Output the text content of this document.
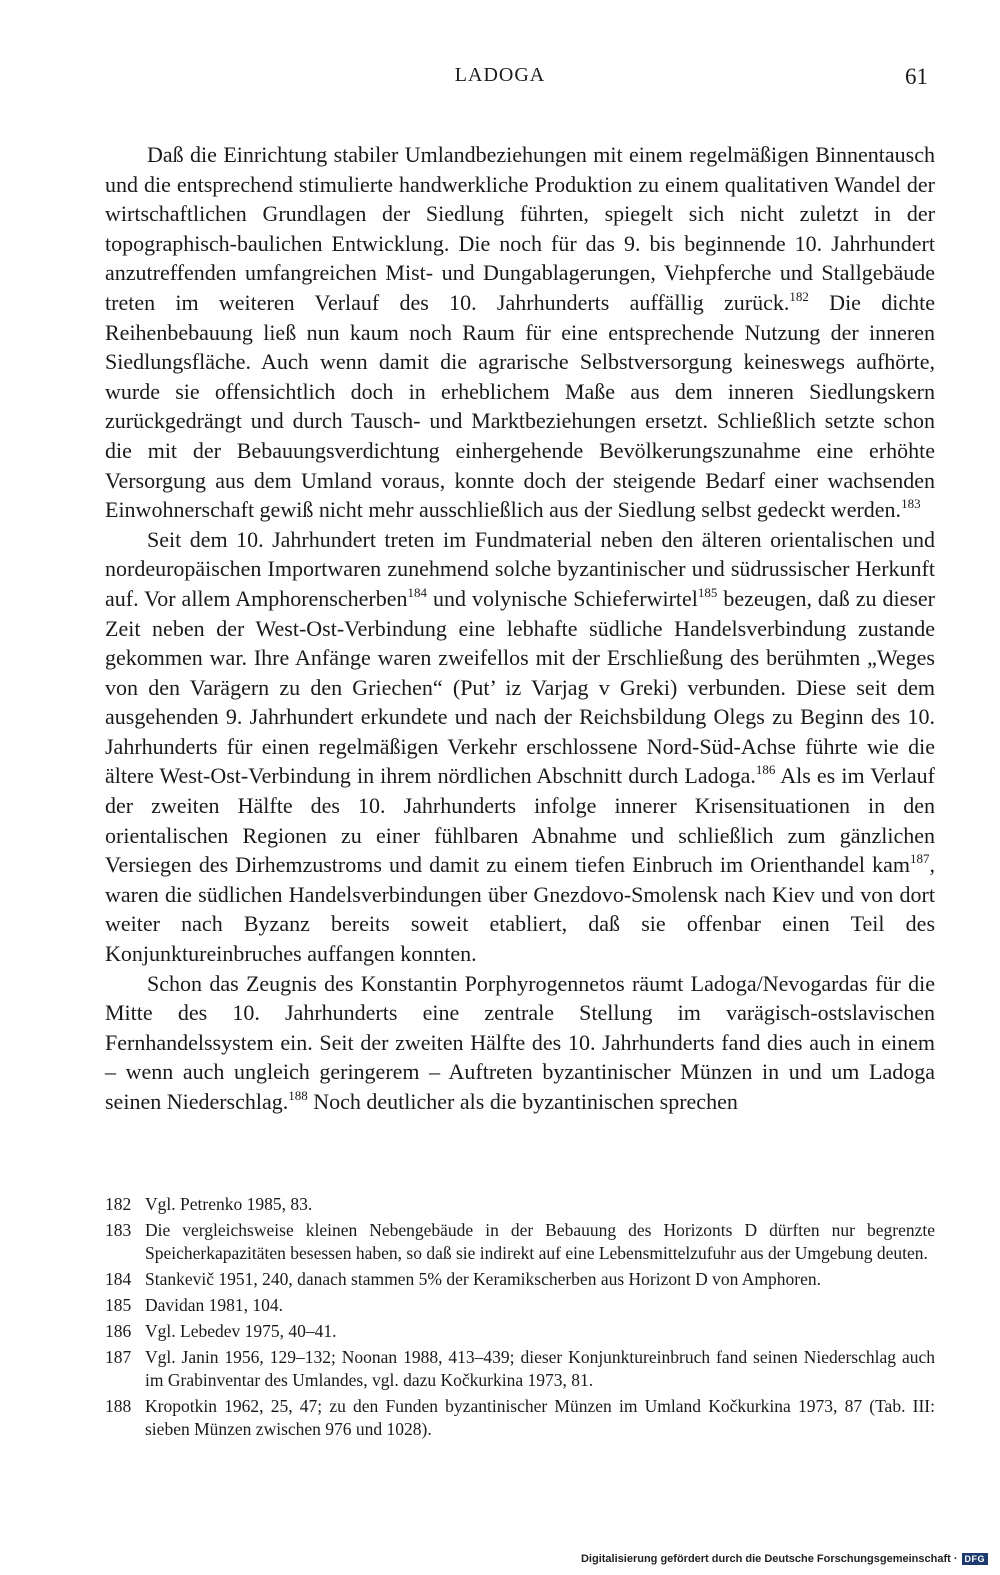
LADOGA	61

Daß die Einrichtung stabiler Umlandbeziehungen mit einem regelmäßigen Binnentausch und die entsprechend stimulierte handwerkliche Produktion zu einem qualitativen Wandel der wirtschaftlichen Grundlagen der Siedlung führten, spiegelt sich nicht zuletzt in der topographisch-baulichen Entwicklung. Die noch für das 9. bis beginnende 10. Jahrhundert anzutreffenden umfangreichen Mist- und Dungablagerungen, Viehpferche und Stallgebäude treten im weiteren Verlauf des 10. Jahrhunderts auffällig zurück.$^{182}$ Die dichte Reihenbebauung ließ nun kaum noch Raum für eine entsprechende Nutzung der inneren Siedlungsfläche. Auch wenn damit die agrarische Selbstversorgung keineswegs aufhörte, wurde sie offensichtlich doch in erheblichem Maße aus dem inneren Siedlungskern zurückgedrängt und durch Tausch- und Marktbeziehungen ersetzt. Schließlich setzte schon die mit der Bebauungsverdichtung einhergehende Bevölkerungszunahme eine erhöhte Versorgung aus dem Umland voraus, konnte doch der steigende Bedarf einer wachsenden Einwohnerschaft gewiß nicht mehr ausschließlich aus der Siedlung selbst gedeckt werden.$^{183}$

Seit dem 10. Jahrhundert treten im Fundmaterial neben den älteren orientalischen und nordeuropäischen Importwaren zunehmend solche byzantinischer und südrussischer Herkunft auf. Vor allem Amphorenscherben$^{184}$ und volynische Schieferwirtel$^{185}$ bezeugen, daß zu dieser Zeit neben der West-Ost-Verbindung eine lebhafte südliche Handelsverbindung zustande gekommen war. Ihre Anfänge waren zweifellos mit der Erschließung des berühmten „Weges von den Varägern zu den Griechen“ (Put’ iz Varjag v Greki) verbunden. Diese seit dem ausgehenden 9. Jahrhundert erkundete und nach der Reichsbildung Olegs zu Beginn des 10. Jahrhunderts für einen regelmäßigen Verkehr erschlossene Nord-Süd-Achse führte wie die ältere West-Ost-Verbindung in ihrem nördlichen Abschnitt durch Ladoga.$^{186}$ Als es im Verlauf der zweiten Hälfte des 10. Jahrhunderts infolge innerer Krisensituationen in den orientalischen Regionen zu einer fühlbaren Abnahme und schließlich zum gänzlichen Versiegen des Dirhemzustroms und damit zu einem tiefen Einbruch im Orienthandel kam$^{187}$, waren die südlichen Handelsverbindungen über Gnezdovo-Smolensk nach Kiev und von dort weiter nach Byzanz bereits soweit etabliert, daß sie offenbar einen Teil des Konjunktureinbruches auffangen konnten.

Schon das Zeugnis des Konstantin Porphyrogennetos räumt Ladoga/Nevogardas für die Mitte des 10. Jahrhunderts eine zentrale Stellung im varägisch-ostslavischen Fernhandelssystem ein. Seit der zweiten Hälfte des 10. Jahrhunderts fand dies auch in einem – wenn auch ungleich geringerem – Auftreten byzantinischer Münzen in und um Ladoga seinen Niederschlag.$^{188}$ Noch deutlicher als die byzantinischen sprechen

182 Vgl. Petrenko 1985, 83.
183 Die vergleichsweise kleinen Nebengebäude in der Bebauung des Horizonts D dürften nur begrenzte Speicherkapazitäten besessen haben, so daß sie indirekt auf eine Lebensmittelzufuhr aus der Umgebung deuten.
184 Stankevič 1951, 240, danach stammen 5% der Keramikscherben aus Horizont D von Amphoren.
185 Davidan 1981, 104.
186 Vgl. Lebedev 1975, 40–41.
187 Vgl. Janin 1956, 129–132; Noonan 1988, 413–439; dieser Konjunktureinbruch fand seinen Niederschlag auch im Grabinventar des Umlandes, vgl. dazu Kočkurkina 1973, 81.
188 Kropotkin 1962, 25, 47; zu den Funden byzantinischer Münzen im Umland Kočkurkina 1973, 87 (Tab. III: sieben Münzen zwischen 976 und 1028).
Digitalisierung gefördert durch die Deutsche Forschungsgemeinschaft · DFG
